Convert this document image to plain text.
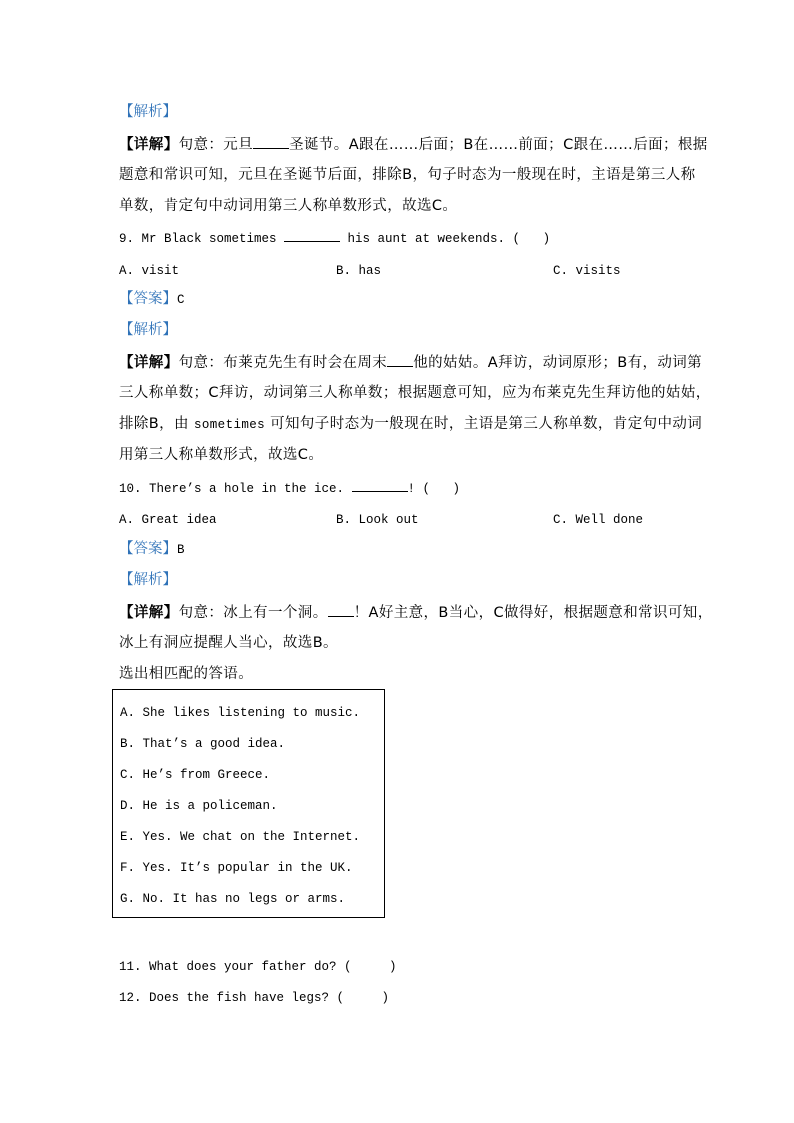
【解析】
【详解】句意：元旦 圣诞节。A跟在……后面；B在……前面；C跟在……后面；根据
题意和常识可知，元旦在圣诞节后面，排除B，句子时态为一般现在时，主语是第三人称
单数，肯定句中动词用第三人称单数形式，故选C。
9. Mr Black sometimes	his aunt at weekends. (   )
A. visit	B. has	C. visits
【答案】C
【解析】
【详解】句意：布莱克先生有时会在周末 他的姑姑。A拜访，动词原形；B有，动词第
三人称单数；C拜访，动词第三人称单数；根据题意可知，应为布莱克先生拜访他的姑姑，
排除B，由 sometimes 可知句子时态为一般现在时，主语是第三人称单数，肯定句中动词
用第三人称单数形式，故选C。
10. There’s a hole in the ice.	! (   )
A. Great idea	B. Look out	C. Well done
【答案】B
【解析】
【详解】句意：冰上有一个洞。 ！A好主意，B当心，C做得好，根据题意和常识可知，
冰上有洞应提醒人当心，故选B。
选出相匹配的答语。
A. She likes listening to music.
B. That’s a good idea.
C. He’s from Greece.
D. He is a policeman.
E. Yes. We chat on the Internet.
F. Yes. It’s popular in the UK.
G. No. It has no legs or arms.
11. What does your father do? (     )
12. Does the fish have legs? (     )
